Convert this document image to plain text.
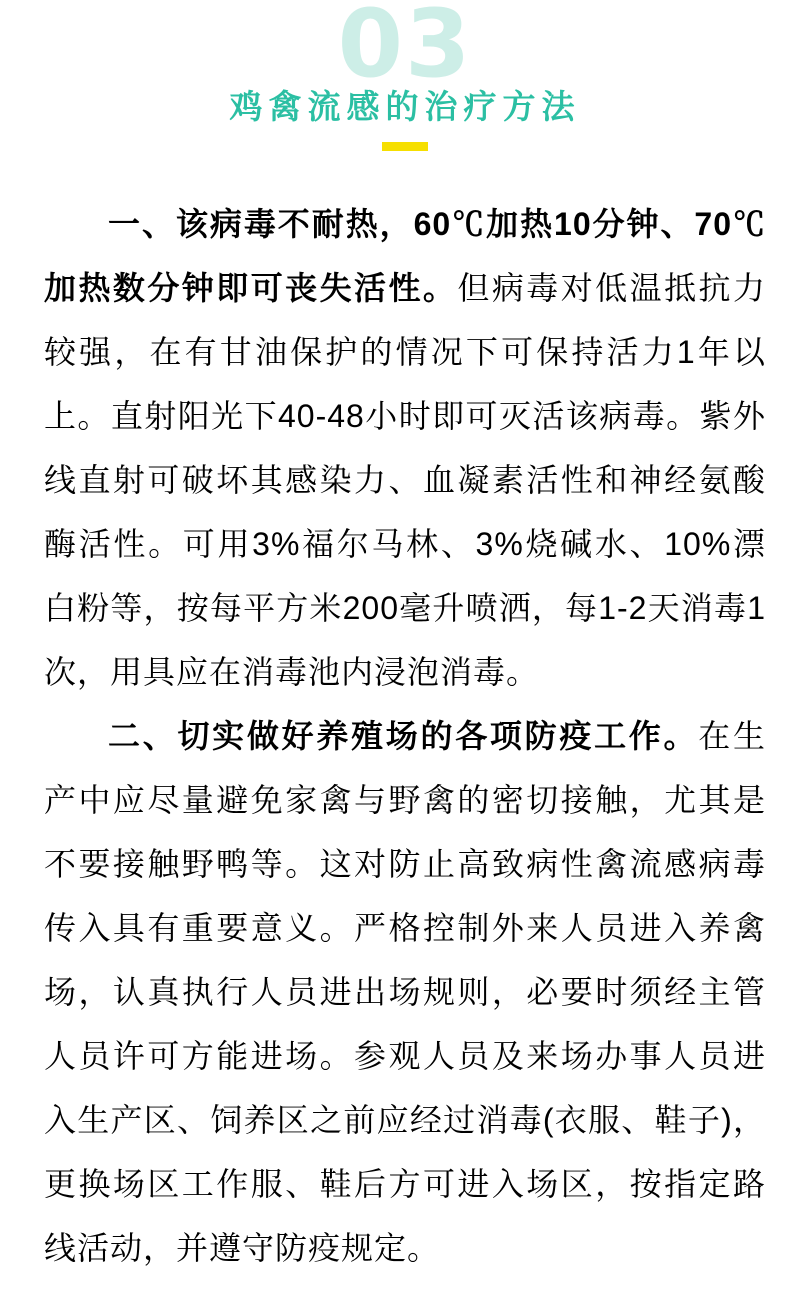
03
鸡禽流感的治疗方法

一、该病毒不耐热，60℃加热10分钟、70℃加热数分钟即可丧失活性。但病毒对低温抵抗力较强，在有甘油保护的情况下可保持活力1年以上。直射阳光下40-48小时即可灭活该病毒。紫外线直射可破坏其感染力、血凝素活性和神经氨酸酶活性。可用3%福尔马林、3%烧碱水、10%漂白粉等，按每平方米200毫升喷洒，每1-2天消毒1次，用具应在消毒池内浸泡消毒。

二、切实做好养殖场的各项防疫工作。在生产中应尽量避免家禽与野禽的密切接触，尤其是不要接触野鸭等。这对防止高致病性禽流感病毒传入具有重要意义。严格控制外来人员进入养禽场，认真执行人员进出场规则，必要时须经主管人员许可方能进场。参观人员及来场办事人员进入生产区、饲养区之前应经过消毒(衣服、鞋子)，更换场区工作服、鞋后方可进入场区，按指定路线活动，并遵守防疫规定。
